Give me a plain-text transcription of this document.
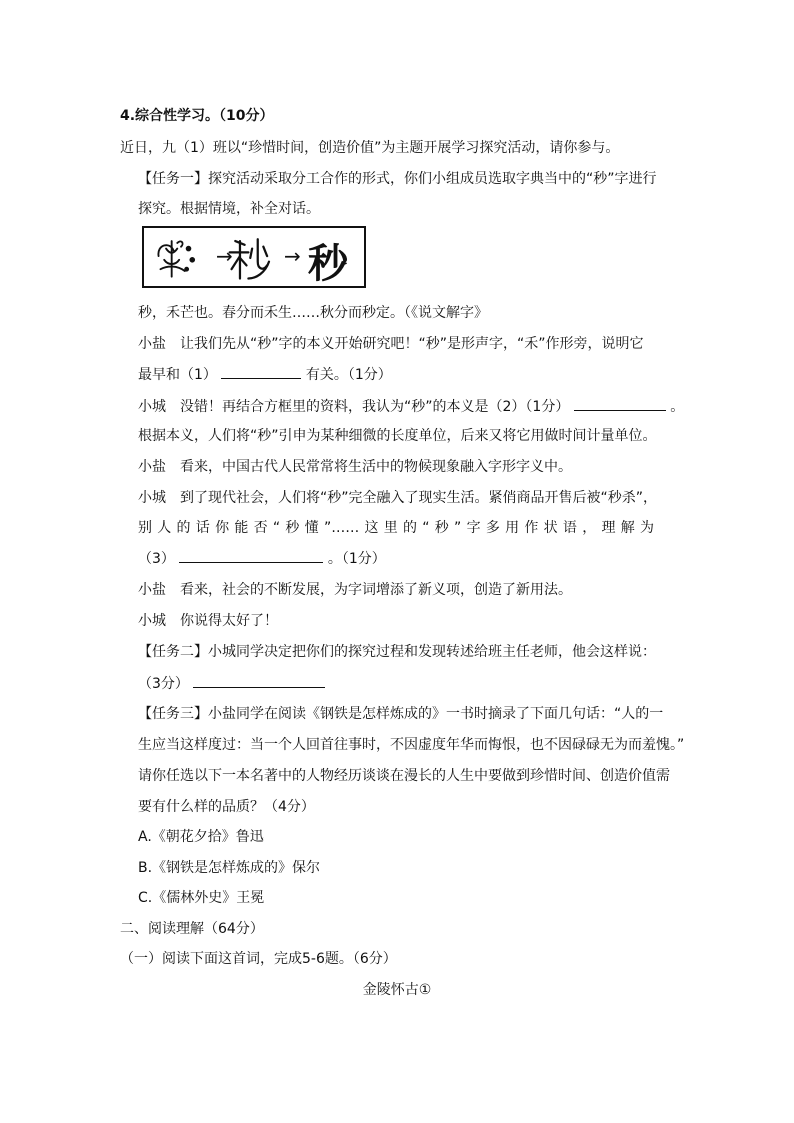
4.综合性学习。（10分）
近日，九（1）班以“珍惜时间，创造价值”为主题开展学习探究活动，请你参与。
【任务一】探究活动采取分工合作的形式，你们小组成员选取字典当中的“秒”字进行
探究。根据情境，补全对话。
→	→ 秒
秒，禾芒也。春分而禾生……秋分而秒定。（《说文解字》
小盐　让我们先从“秒”字的本义开始研究吧！“秒”是形声字，“禾”作形旁，说明它
最早和（1）	有关。（1分）
小城　没错！再结合方框里的资料，我认为“秒”的本义是（2）（1分）	。
根据本义，人们将“秒”引申为某种细微的长度单位，后来又将它用做时间计量单位。
小盐　看来，中国古代人民常常将生活中的物候现象融入字形字义中。
小城　到了现代社会，人们将“秒”完全融入了现实生活。紧俏商品开售后被“秒杀”，
别人的话你能否“秒懂”……这里的“秒”字多用作状语，理解为
（3）	。（1分）
小盐　看来，社会的不断发展，为字词增添了新义项，创造了新用法。
小城　你说得太好了！
【任务二】小城同学决定把你们的探究过程和发现转述给班主任老师，他会这样说：
（3分）
【任务三】小盐同学在阅读《钢铁是怎样炼成的》一书时摘录了下面几句话：“人的一
生应当这样度过：当一个人回首往事时，不因虚度年华而悔恨，也不因碌碌无为而羞愧。”
请你任选以下一本名著中的人物经历谈谈在漫长的人生中要做到珍惜时间、创造价值需
要有什么样的品质？（4分）
A.《朝花夕拾》鲁迅
B.《钢铁是怎样炼成的》保尔
C.《儒林外史》王冕
二、阅读理解（64分）
（一）阅读下面这首词，完成5-6题。（6分）
金陵怀古①
